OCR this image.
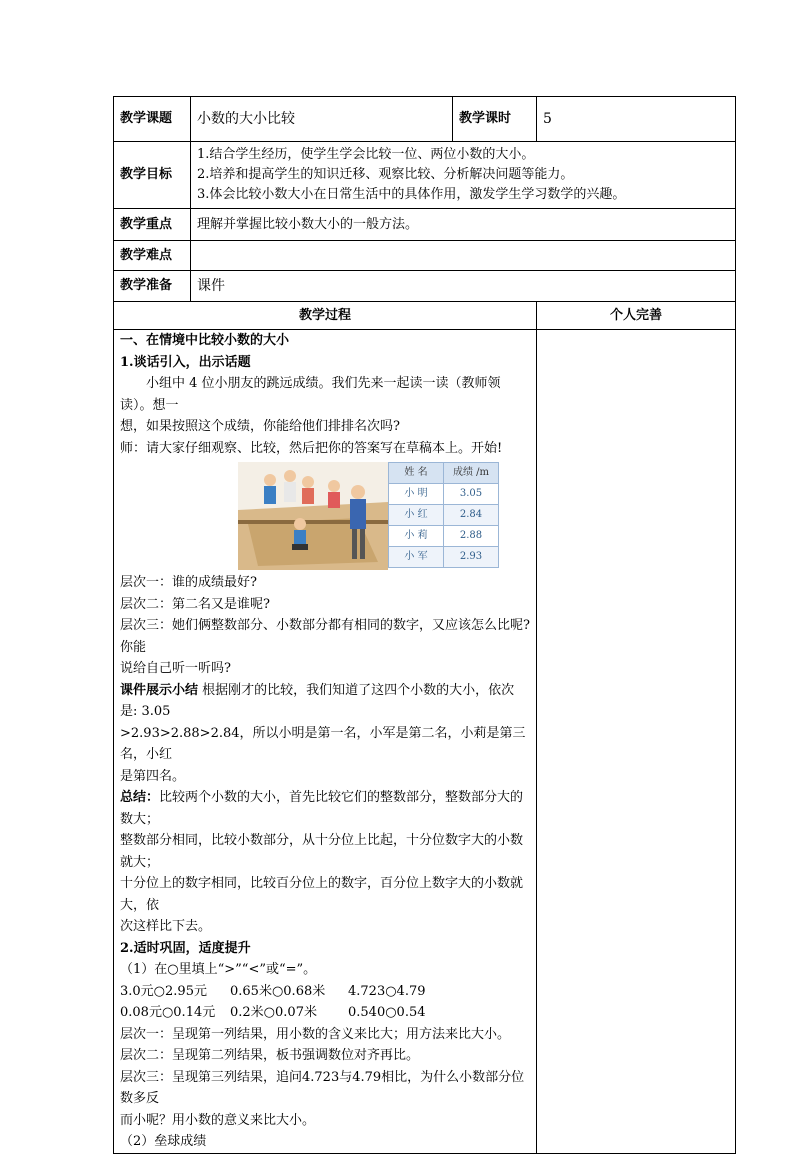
教学课题	小数的大小比较	教学课时	5
教学目标	
1.结合学生经历，使学生学会比较一位、两位小数的大小。
2.培养和提高学生的知识迁移、观察比较、分析解决问题等能力。
3.体会比较小数大小在日常生活中的具体作用，激发学生学习数学的兴趣。

教学重点	理解并掌握比较小数大小的一般方法。
教学难点	
教学准备	课件
教学过程	个人完善

一、在情境中比较小数的大小

1.谈话引入，出示话题

小组中 4 位小朋友的跳远成绩。我们先来一起读一读（教师领读）。想一

想，如果按照这个成绩，你能给他们排排名次吗?

师：请大家仔细观察、比较，然后把你的答案写在草稿本上。开始!

姓 名	成绩 /m
小 明	3.05
小 红	2.84
小 莉	2.88
小 军	2.93

层次一：谁的成绩最好?

层次二：第二名又是谁呢?

层次三：她们俩整数部分、小数部分都有相同的数字，又应该怎么比呢?你能

说给自己听一听吗?

课件展示小结 根据刚才的比较，我们知道了这四个小数的大小，依次是: 3.05

>2.93>2.88>2.84，所以小明是第一名，小军是第二名，小莉是第三名，小红

是第四名。

总结：比较两个小数的大小，首先比较它们的整数部分，整数部分大的数大；

整数部分相同，比较小数部分，从十分位上比起，十分位数字大的小数就大；

十分位上的数字相同，比较百分位上的数字，百分位上数字大的小数就大，依

次这样比下去。

2.适时巩固，适度提升

（1）在○里填上“>”“<”或“=”。

3.0元○2.95元	0.65米○0.68米	4.723○4.79
0.08元○0.14元	0.2米○0.07米	0.540○0.54

层次一：呈现第一列结果，用小数的含义来比大；用方法来比大小。

层次二：呈现第二列结果，板书强调数位对齐再比。

层次三：呈现第三列结果，追问4.723与4.79相比，为什么小数部分位数多反

而小呢？用小数的意义来比大小。

（2）垒球成绩
